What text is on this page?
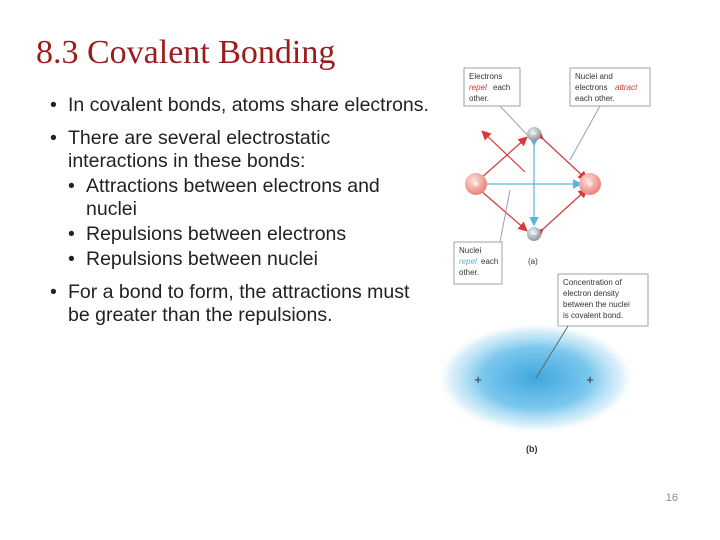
8.3 Covalent Bonding
• In covalent bonds, atoms share electrons.
• There are several electrostatic interactions in these bonds:
• Attractions between electrons and nuclei
• Repulsions between electrons
• Repulsions between nuclei
• For a bond to form, the attractions must be greater than the repulsions.
Electrons
repel each
other.
Nuclei and
electrons attract
each other.
−
−
+	+
Nuclei
repel each
other.
(a)
Concentration of
electron density
between the nuclei
is covalent bond.
+	+
(b)
16
